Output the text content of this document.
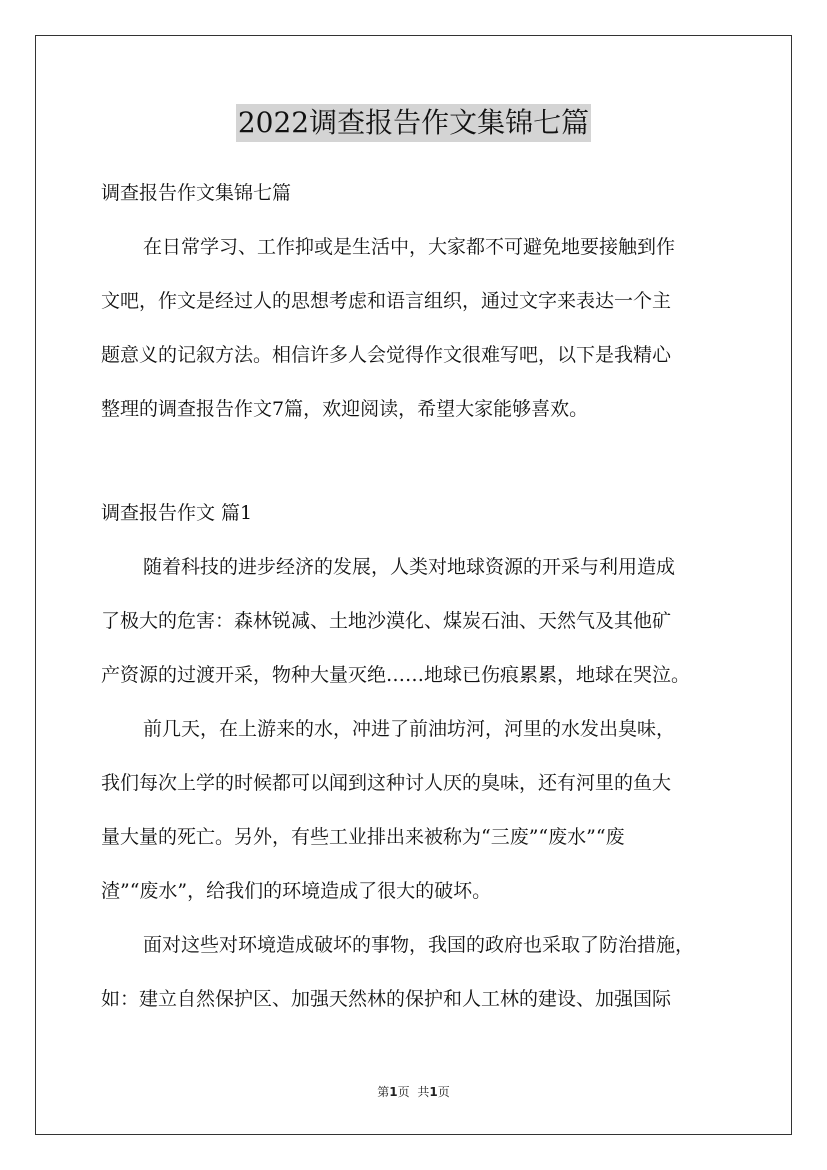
2022调查报告作文集锦七篇
调查报告作文集锦七篇
在日常学习、工作抑或是生活中，大家都不可避免地要接触到作
文吧，作文是经过人的思想考虑和语言组织，通过文字来表达一个主
题意义的记叙方法。相信许多人会觉得作文很难写吧，以下是我精心
整理的调查报告作文7篇，欢迎阅读，希望大家能够喜欢。
调查报告作文 篇1
随着科技的进步经济的发展，人类对地球资源的开采与利用造成
了极大的危害：森林锐减、土地沙漠化、煤炭石油、天然气及其他矿
产资源的过渡开采，物种大量灭绝……地球已伤痕累累，地球在哭泣。
前几天，在上游来的水，冲进了前油坊河，河里的水发出臭味，
我们每次上学的时候都可以闻到这种讨人厌的臭味，还有河里的鱼大
量大量的死亡。另外，有些工业排出来被称为“三废”“废水”“废
渣”“废水”，给我们的环境造成了很大的破坏。
面对这些对环境造成破坏的事物，我国的政府也采取了防治措施，
如：建立自然保护区、加强天然林的保护和人工林的建设、加强国际
第1页 共1页
